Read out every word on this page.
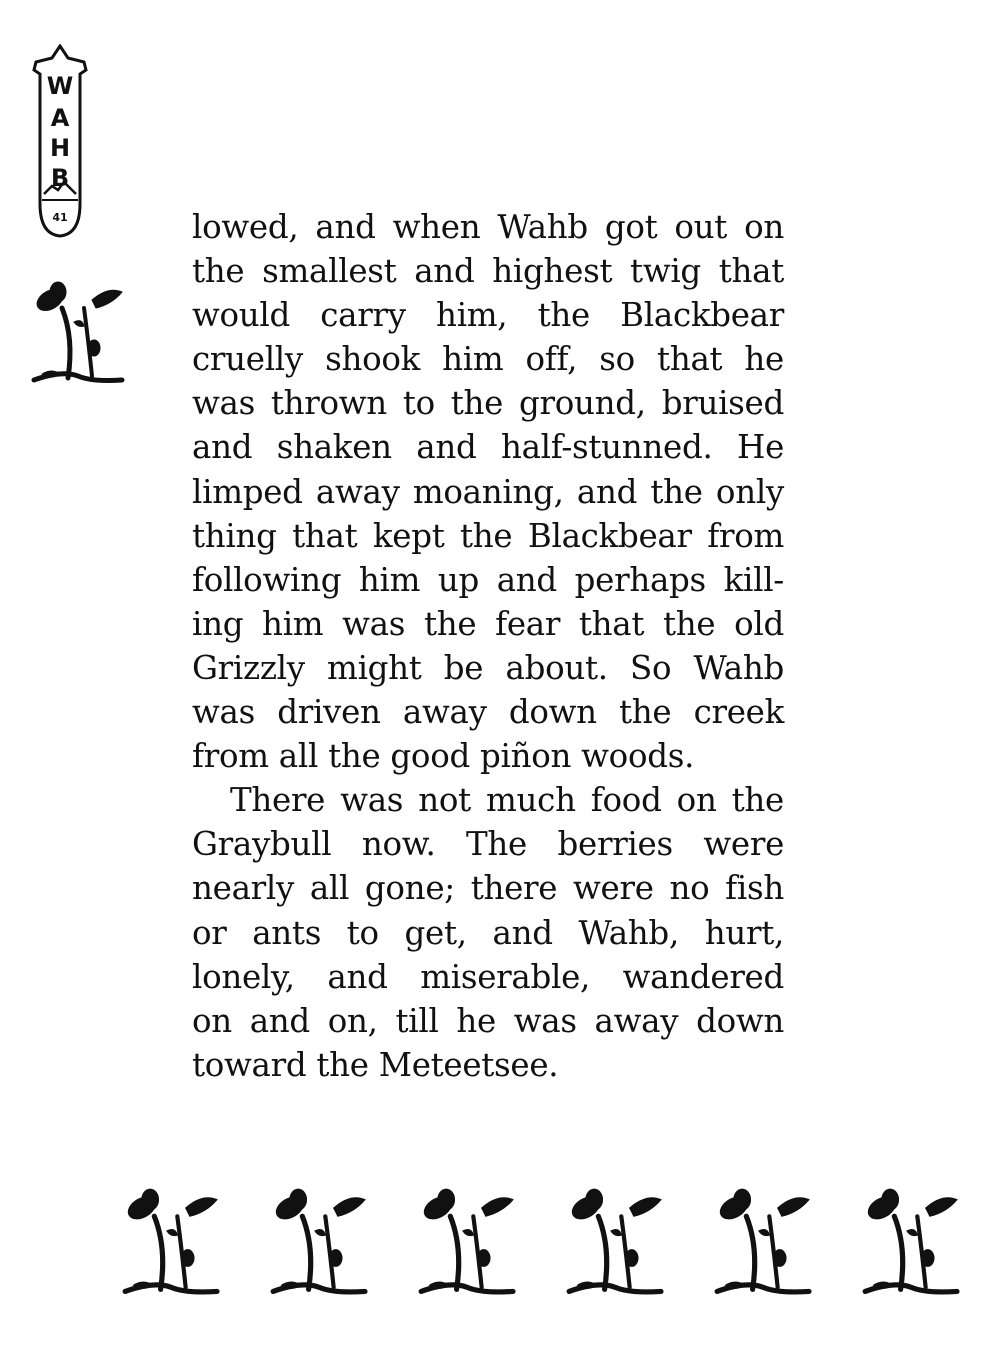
W
A
H
B
41	lowed, and when Wahb got out on
the smallest and highest twig that
would carry him, the Blackbear
cruelly shook him off, so that he
was thrown to the ground, bruised
and shaken and half-stunned. He
limped away moaning, and the only
thing that kept the Blackbear from
following him up and perhaps kill-
ing him was the fear that the old
Grizzly might be about. So Wahb
was driven away down the creek
from all the good piñon woods.

There was not much food on the
Graybull now. The berries were
nearly all gone; there were no fish
or ants to get, and Wahb, hurt,
lonely, and miserable, wandered
on and on, till he was away down
toward the Meteetsee.
